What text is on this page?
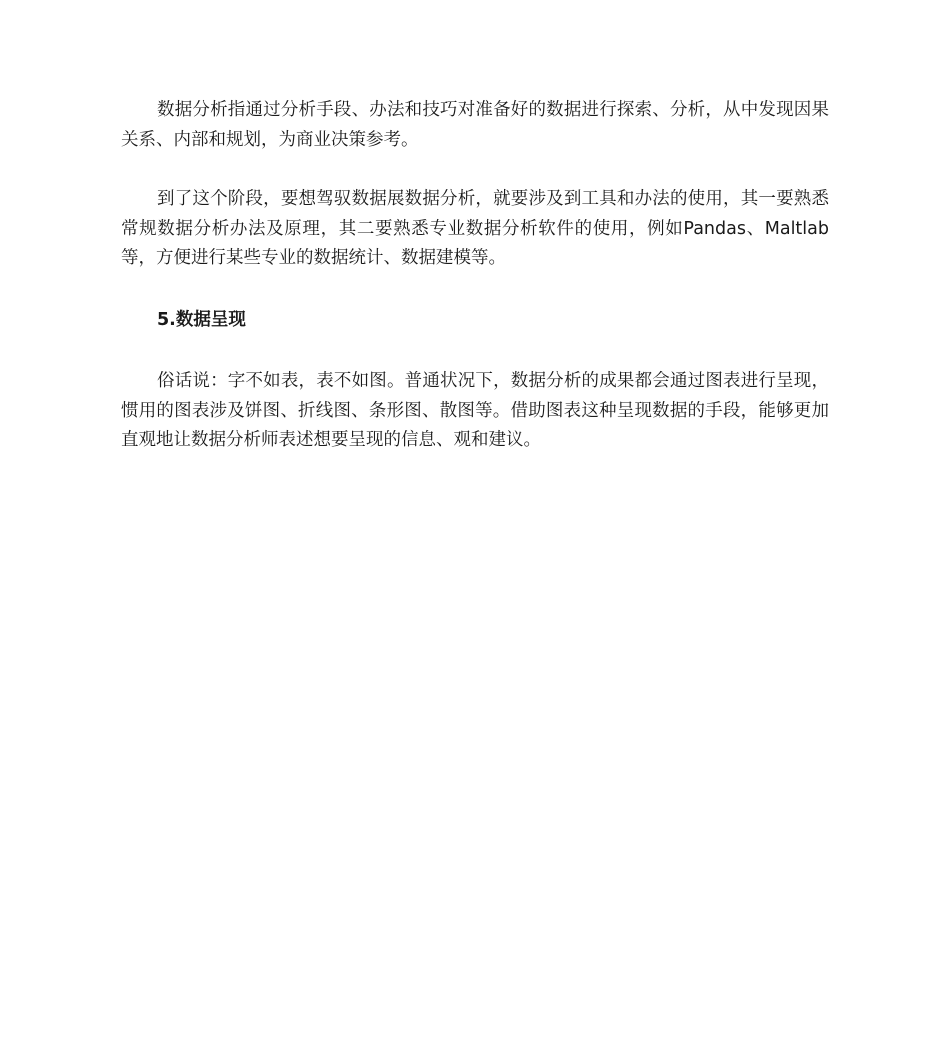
数据分析指通过分析手段、办法和技巧对准备好的数据进行探索、分析，从中发现因果关系、内部和规划，为商业决策参考。

到了这个阶段，要想驾驭数据展数据分析，就要涉及到工具和办法的使用，其一要熟悉常规数据分析办法及原理，其二要熟悉专业数据分析软件的使用，例如Pandas、Maltlab等，方便进行某些专业的数据统计、数据建模等。

5.数据呈现

俗话说：字不如表，表不如图。普通状况下，数据分析的成果都会通过图表进行呈现，惯用的图表涉及饼图、折线图、条形图、散图等。借助图表这种呈现数据的手段，能够更加直观地让数据分析师表述想要呈现的信息、观和建议。
